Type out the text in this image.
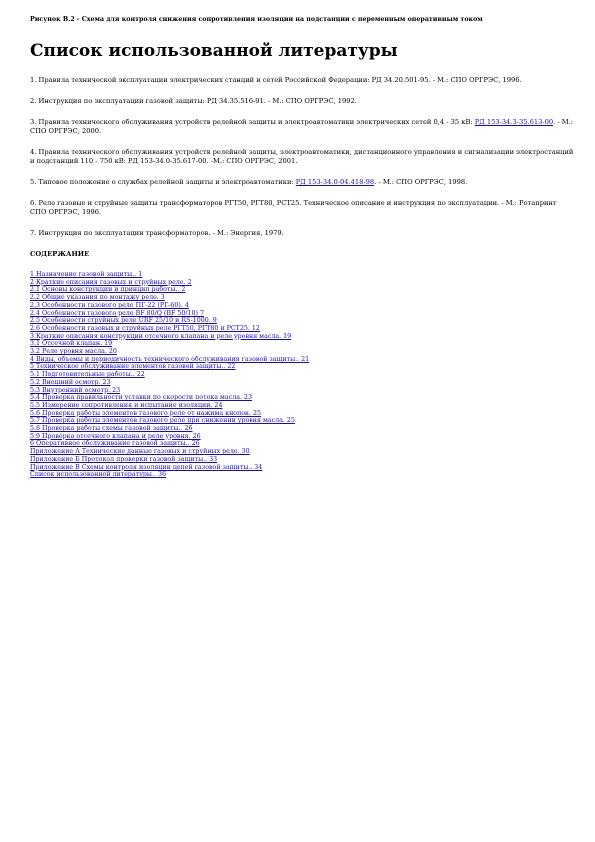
Рисунок В.2 - Схема для контроля снижения сопротивления изоляции на подстанции с переменным оперативным током

Список использованной литературы

1. Правила технической эксплуатации электрических станций и сетей Российской Федерации: РД 34.20.501-95. - М.: СПО ОРГРЭС, 1996.

2. Инструкция по эксплуатации газовой защиты: РД 34.35.516-91. - М.: СПО ОРГРЭС, 1992.

3. Правила технического обслуживания устройств релейной защиты и электроавтоматики электрических сетей 0,4 - 35 кВ: РД 153-34.3-35.613-00. - М.: СПО ОРГРЭС, 2000.

4. Правила технического обслуживания устройств релейной защиты, электроавтоматики, дистанционного управления и сигнализации электростанций и подстанций 110 - 750 кВ: РД 153-34.0-35.617-00. -М.: СПО ОРГРЭС, 2001.

5. Типовое положение о службах релейной защиты и электроавтоматики: РД 153-34.0-04.418-98. - М.: СПО ОРГРЭС, 1998.

6. Реле газовые и струйные защиты трансформаторов РГТ50, РГТ80, РСТ25. Техническое описание и инструкция по эксплуатации. - М.: Ротапринт СПО ОРГРЭС, 1996.

7. Инструкция по эксплуатации трансформаторов. - М.: Энергия, 1979.

СОДЕРЖАНИЕ

1 Назначение газовой защиты.. 1
2 Краткие описания газовых и струйных реле. 2
2.1 Основы конструкции и принцип работы.. 2
2.2 Общие указания по монтажу реле. 3
2.3 Особенности газового реле ПГ-22 (РГ-60). 4
2.4 Особенности газового реле BF 80/Q (BF 50/10) 7
2.5 Особенности струйных реле URF 25/10 и RS-1000. 9
2.6 Особенности газовых и струйных реле РГТ50, РГТ80 и РСТ25. 12
3 Краткие описания конструкции отсечного клапана и реле уровня масла. 19
3.1 Отсечной клапан. 19
3.2 Реле уровня масла. 20
4 Виды, объемы и периодичность технического обслуживания газовой защиты.. 21
5 Техническое обслуживание элементов газовой защиты.. 22
5.1 Подготовительные работы.. 22
5.2 Внешний осмотр. 23
5.3 Внутренний осмотр. 23
5.4 Проверка правильности уставки по скорости потока масла. 23
5.5 Измерение сопротивления и испытание изоляции. 24
5.6 Проверка работы элементов газового реле от нажима кнопок. 25
5.7 Проверка работы элементов газового реле при снижении уровня масла. 25
5.8 Проверка работы схемы газовой защиты.. 26
5.9 Проверка отсечного клапана и реле уровня. 26
6 Оперативное обслуживание газовой защиты.. 26
Приложение А Технические данные газовых и струйных реле. 30
Приложение Б Протокол проверки газовой защиты.. 33
Приложение В Схемы контроля изоляции цепей газовой защиты.. 34
Список использованной литературы.. 36
